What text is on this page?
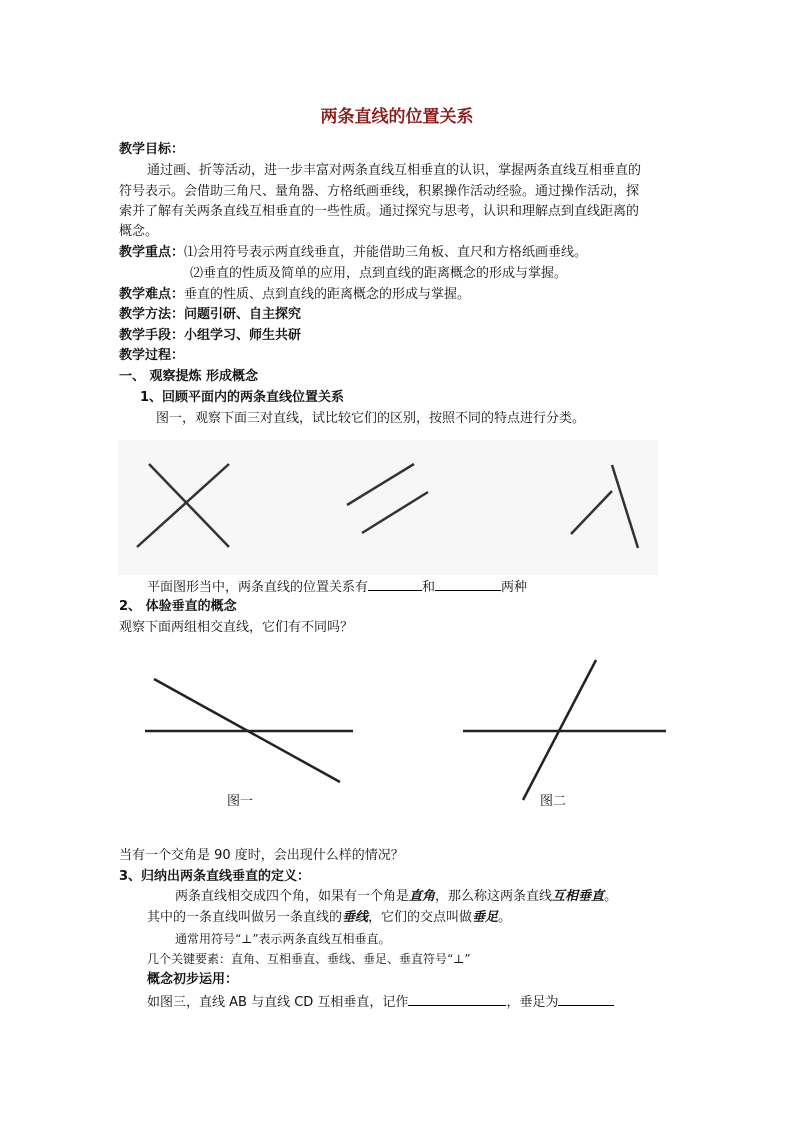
两条直线的位置关系
教学目标：
通过画、折等活动，进一步丰富对两条直线互相垂直的认识，掌握两条直线互相垂直的
符号表示。会借助三角尺、量角器、方格纸画垂线，积累操作活动经验。通过操作活动，探
索并了解有关两条直线互相垂直的一些性质。通过探究与思考，认识和理解点到直线距离的
概念。
教学重点：⑴会用符号表示两直线垂直，并能借助三角板、直尺和方格纸画垂线。
⑵垂直的性质及简单的应用，点到直线的距离概念的形成与掌握。
教学难点：垂直的性质、点到直线的距离概念的形成与掌握。
教学方法：问题引研、自主探究
教学手段：小组学习、师生共研
教学过程：
一、 观察提炼 形成概念
1、回顾平面内的两条直线位置关系
图一，观察下面三对直线，试比较它们的区别，按照不同的特点进行分类。
平面图形当中，两条直线的位置关系有	和	两种
2、 体验垂直的概念
观察下面两组相交直线，它们有不同吗？
图一	图二
当有一个交角是 90 度时，会出现什么样的情况？
3、归纳出两条直线垂直的定义：
两条直线相交成四个角，如果有一个角是直角，那么称这两条直线互相垂直。
其中的一条直线叫做另一条直线的垂线，它们的交点叫做垂足。
通常用符号“⊥”表示两条直线互相垂直。
几个关键要素：直角、互相垂直、垂线、垂足、垂直符号“⊥”
概念初步运用：
如图三，直线 AB 与直线 CD 互相垂直，记作	，垂足为
